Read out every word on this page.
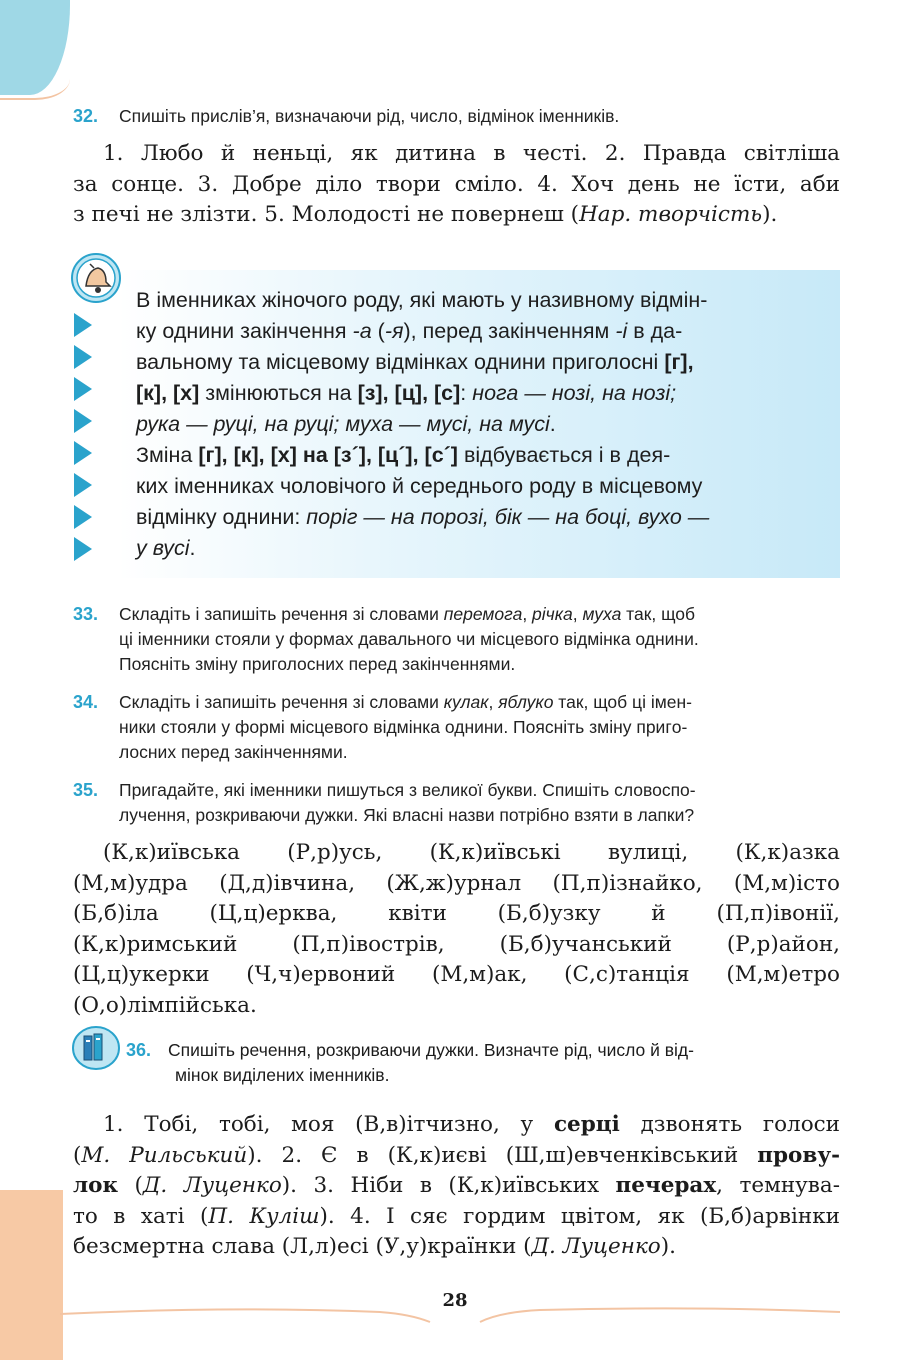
32.	Спишіть прислів’я, визначаючи рід, число, відмінок іменників.
1. Любо й неньці, як дитина в честі. 2. Правда світліша
за сонце. 3. Добре діло твори сміло. 4. Хоч день не їсти, аби
з печі не злізти. 5. Молодості не повернеш (Нар. творчість).
В іменниках жіночого роду, які мають у називному відмін-
ку однини закінчення -а (-я), перед закінченням -і в да-
вальному та місцевому відмінках однини приголосні [г],
[к], [х] змінюються на [з], [ц], [с]: нога — нозі, на нозі;
рука — руці, на руці; муха — мусі, на мусі.
Зміна [г], [к], [х] на [з´], [ц´], [с´] відбувається і в дея-
ких іменниках чоловічого й середнього роду в місцевому
відмінку однини: поріг — на порозі, бік — на боці, вухо —
у вусі.
33.	Складіть і запишіть речення зі словами перемога, річка, муха так, щоб
ці іменники стояли у формах давального чи місцевого відмінка однини.
Поясніть зміну приголосних перед закінченнями.
34.	Складіть і запишіть речення зі словами кулак, яблуко так, щоб ці імен-
ники стояли у формі місцевого відмінка однини. Поясніть зміну пригo-
лосних перед закінченнями.
35.	Пригадайте, які іменники пишуться з великої букви. Спишіть словоспо-
лучення, розкриваючи дужки. Які власні назви потрібно взяти в лапки?
(К,к)иївська (Р,р)усь, (К,к)иївські вулиці, (К,к)азка
(М,м)удра (Д,д)івчина, (Ж,ж)урнал (П,п)ізнайко, (М,м)істо
(Б,б)іла (Ц,ц)ерква, квіти (Б,б)узку й (П,п)івонії,
(К,к)римський (П,п)івострів, (Б,б)учанський (Р,р)айон,
(Ц,ц)укерки (Ч,ч)ервоний (М,м)ак, (С,с)танція (М,м)етро
(О,о)лімпійська.
36. Спишіть речення, розкриваючи дужки. Визначте рід, число й від-
мінок виділених іменників.
1. Тобі, тобі, моя (В,в)ітчизно, у серці дзвонять голоси
(М. Рильський). 2. Є в (К,к)иєві (Ш,ш)евченківський прову-
лок (Д. Луценко). 3. Ніби в (К,к)иївських печерах, темнува-
то в хаті (П. Куліш). 4. І сяє гордим цвітом, як (Б,б)арвінки
безсмертна слава (Л,л)есі (У,у)країнки (Д. Луценко).
28
